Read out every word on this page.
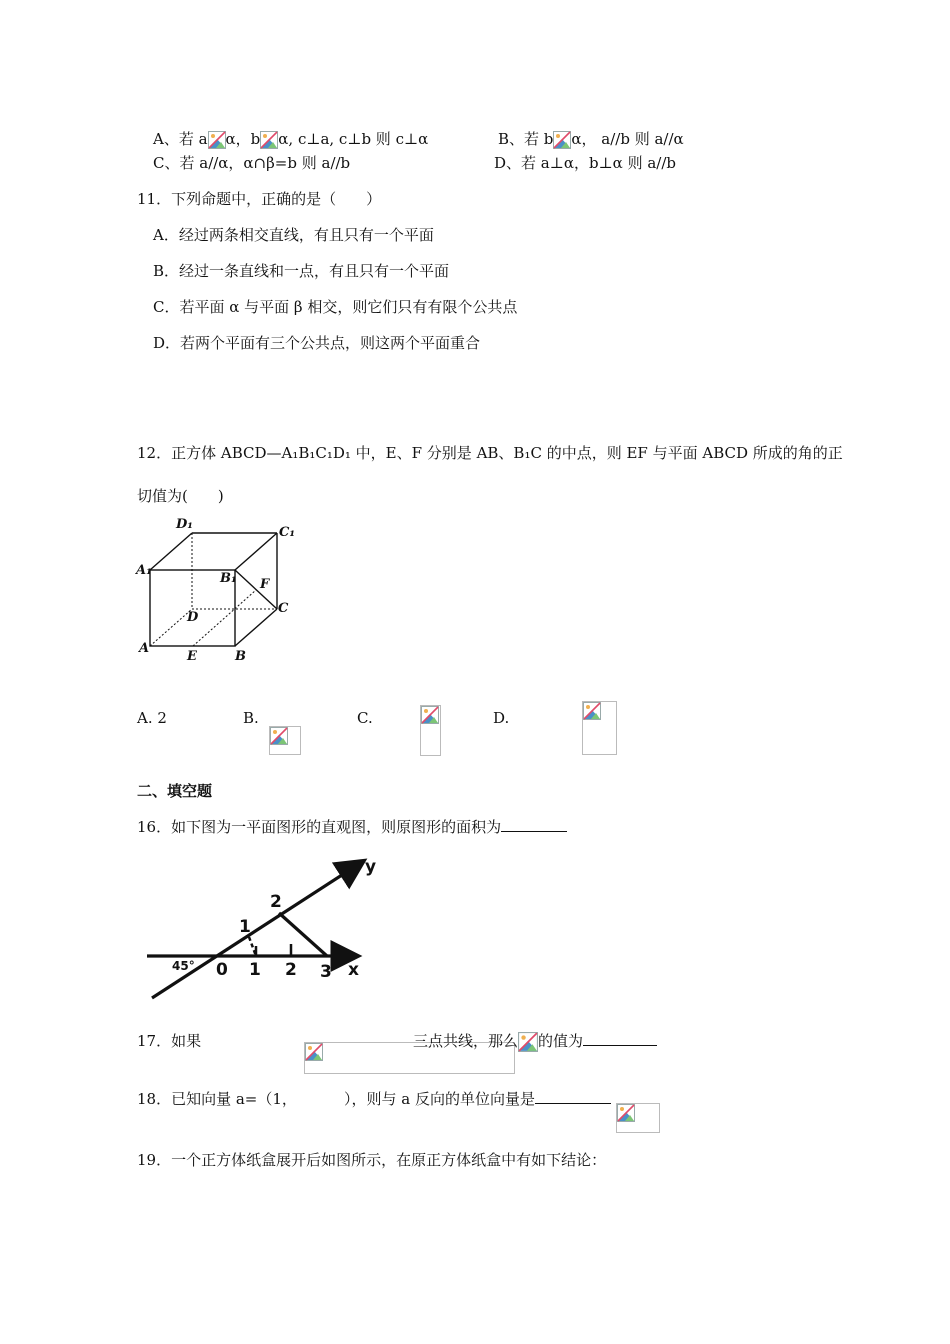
A、若 a α，b α, c⊥a, c⊥b 则 c⊥α	B、若 b α， a//b 则 a//α
C、若 a//α，α∩β=b 则 a//b	D、若 a⊥α，b⊥α 则 a//b
11．下列命题中，正确的是（　　）
A．经过两条相交直线，有且只有一个平面
B．经过一条直线和一点，有且只有一个平面
C．若平面 α 与平面 β 相交，则它们只有有限个公共点
D．若两个平面有三个公共点，则这两个平面重合
12．正方体 ABCD—A₁B₁C₁D₁ 中，E、F 分别是 AB、B₁C 的中点，则 EF 与平面 ABCD 所成的角的正
切值为(　　)
D₁
C₁
A₁
B₁ F
C
D
A
E	B
A. 2	B.
	C.
	D.

二、填空题
16．如下图为一平面图形的直观图，则原图形的面积为
y
x
45° 0 1 2 3
1
2
17．如果
	三点共线，那么 的值为
18．已知向量 a=（1，	），则与 a 反向的单位向量是
19．一个正方体纸盒展开后如图所示，在原正方体纸盒中有如下结论：
